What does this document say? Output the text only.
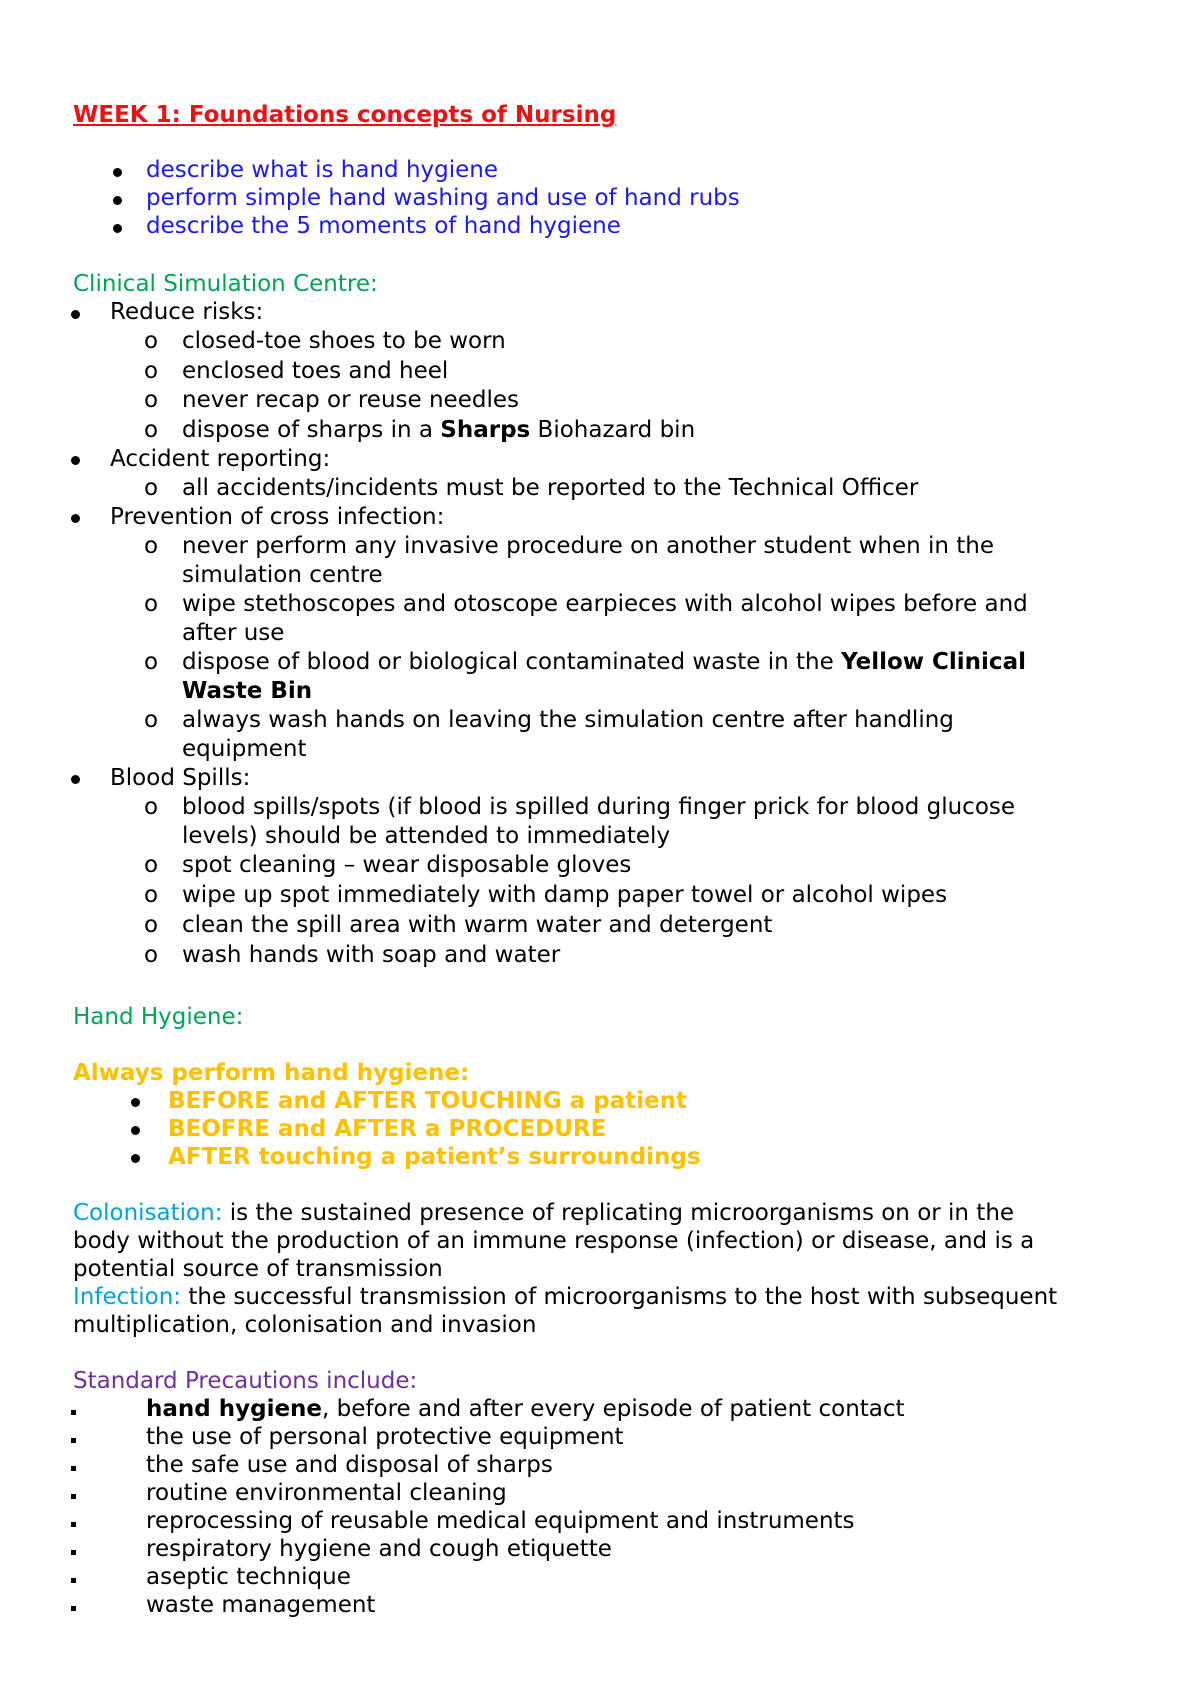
WEEK 1: Foundations concepts of Nursing
describe what is hand hygiene
perform simple hand washing and use of hand rubs
describe the 5 moments of hand hygiene
Clinical Simulation Centre:
Reduce risks:
o closed-toe shoes to be worn
o enclosed toes and heel
o never recap or reuse needles
o dispose of sharps in a Sharps Biohazard bin
Accident reporting:
o all accidents/incidents must be reported to the Technical Officer
Prevention of cross infection:
o never perform any invasive procedure on another student when in the
simulation centre
o wipe stethoscopes and otoscope earpieces with alcohol wipes before and
after use
o dispose of blood or biological contaminated waste in the Yellow Clinical
Waste Bin
o always wash hands on leaving the simulation centre after handling
equipment
Blood Spills:
o blood spills/spots (if blood is spilled during finger prick for blood glucose
levels) should be attended to immediately
o spot cleaning – wear disposable gloves
o wipe up spot immediately with damp paper towel or alcohol wipes
o clean the spill area with warm water and detergent
o wash hands with soap and water
Hand Hygiene:
Always perform hand hygiene:
BEFORE and AFTER TOUCHING a patient
BEOFRE and AFTER a PROCEDURE
AFTER touching a patient’s surroundings
Colonisation: is the sustained presence of replicating microorganisms on or in the
body without the production of an immune response (infection) or disease, and is a
potential source of transmission
Infection: the successful transmission of microorganisms to the host with subsequent
multiplication, colonisation and invasion
Standard Precautions include:
hand hygiene, before and after every episode of patient contact
the use of personal protective equipment
the safe use and disposal of sharps
routine environmental cleaning
reprocessing of reusable medical equipment and instruments
respiratory hygiene and cough etiquette
aseptic technique
waste management
